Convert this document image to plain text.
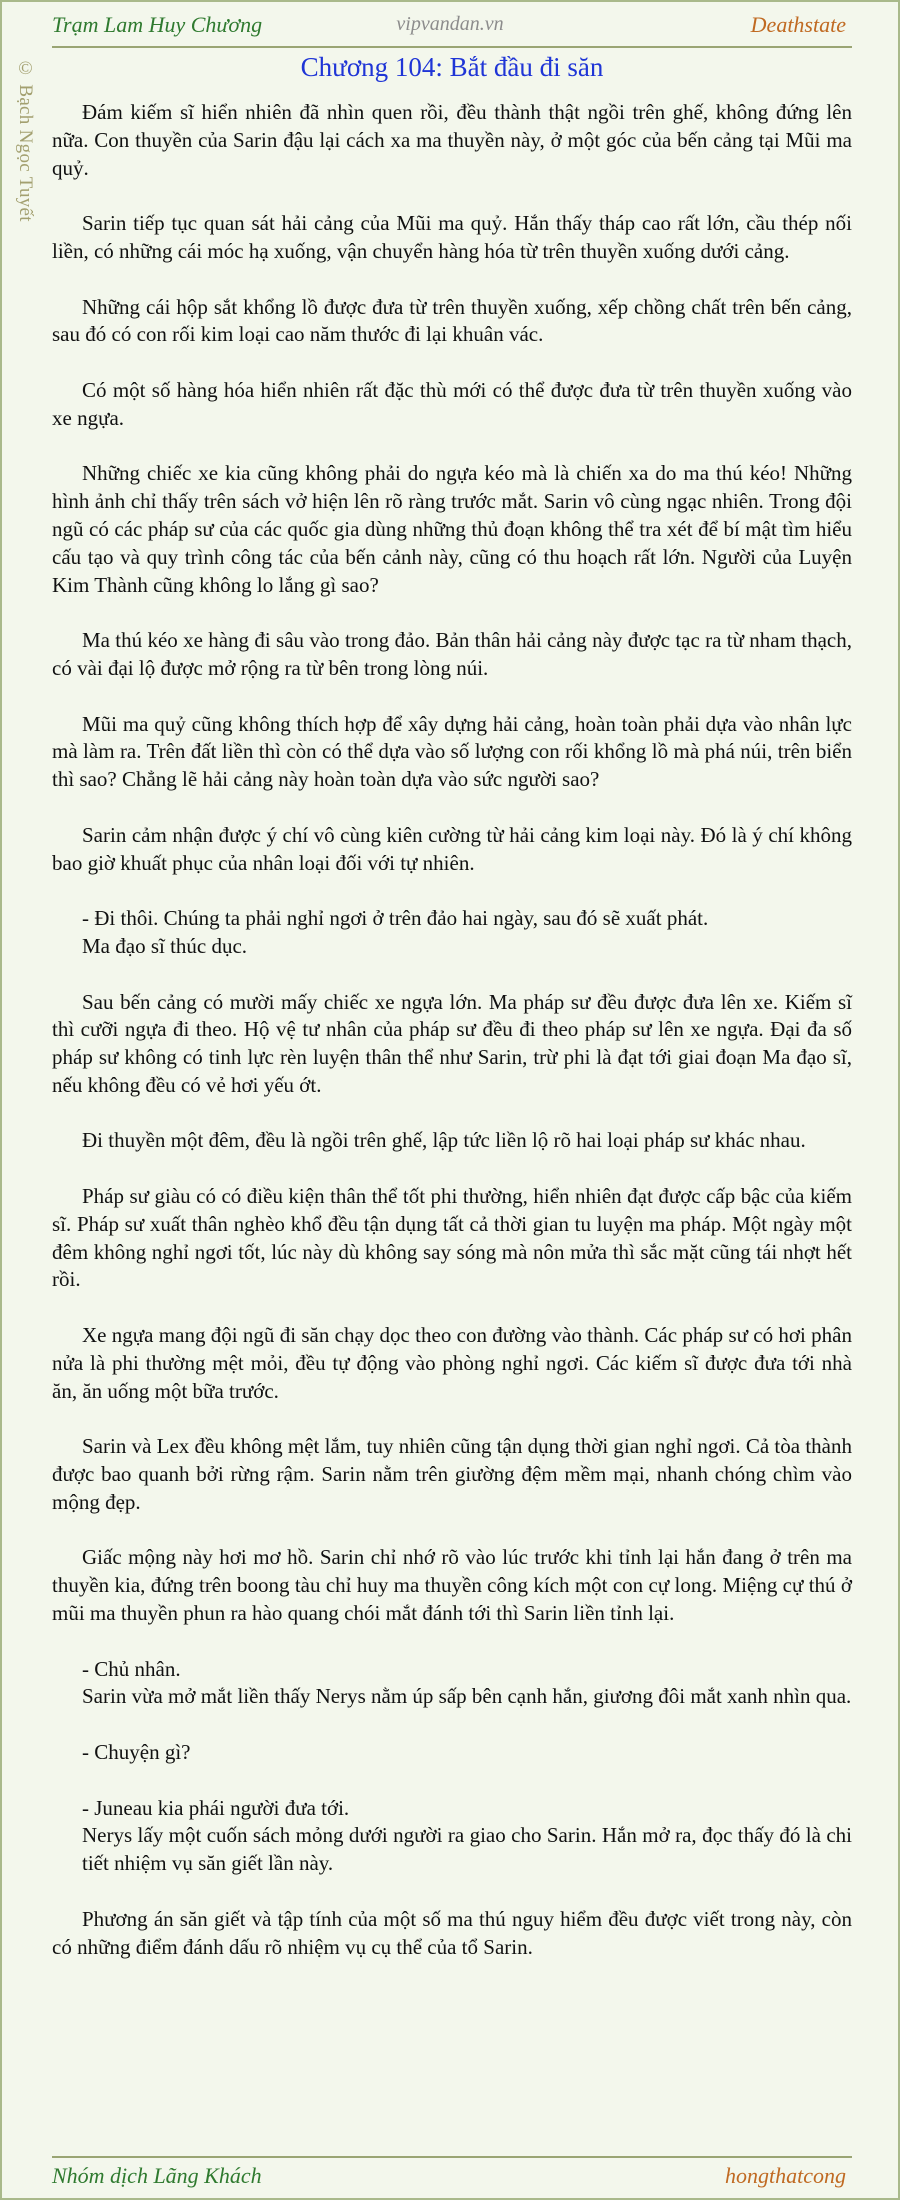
Trạm Lam Huy Chương	vipvandan.vn	Deathstate
© Bạch Ngọc Tuyết	Chương 104: Bắt đầu đi săn

Đám kiếm sĩ hiển nhiên đã nhìn quen rồi, đều thành thật ngồi trên ghế, không đứng lên nữa. Con thuyền của Sarin đậu lại cách xa ma thuyền này, ở một góc của bến cảng tại Mũi ma quỷ.

Sarin tiếp tục quan sát hải cảng của Mũi ma quỷ. Hắn thấy tháp cao rất lớn, cầu thép nối liền, có những cái móc hạ xuống, vận chuyển hàng hóa từ trên thuyền xuống dưới cảng.

Những cái hộp sắt khổng lồ được đưa từ trên thuyền xuống, xếp chồng chất trên bến cảng, sau đó có con rối kim loại cao năm thước đi lại khuân vác.

Có một số hàng hóa hiển nhiên rất đặc thù mới có thể được đưa từ trên thuyền xuống vào xe ngựa.

Những chiếc xe kia cũng không phải do ngựa kéo mà là chiến xa do ma thú kéo! Những hình ảnh chỉ thấy trên sách vở hiện lên rõ ràng trước mắt. Sarin vô cùng ngạc nhiên. Trong đội ngũ có các pháp sư của các quốc gia dùng những thủ đoạn không thể tra xét để bí mật tìm hiểu cấu tạo và quy trình công tác của bến cảnh này, cũng có thu hoạch rất lớn. Người của Luyện Kim Thành cũng không lo lắng gì sao?

Ma thú kéo xe hàng đi sâu vào trong đảo. Bản thân hải cảng này được tạc ra từ nham thạch, có vài đại lộ được mở rộng ra từ bên trong lòng núi.

Mũi ma quỷ cũng không thích hợp để xây dựng hải cảng, hoàn toàn phải dựa vào nhân lực mà làm ra. Trên đất liền thì còn có thể dựa vào số lượng con rối khổng lồ mà phá núi, trên biển thì sao? Chẳng lẽ hải cảng này hoàn toàn dựa vào sức người sao?

Sarin cảm nhận được ý chí vô cùng kiên cường từ hải cảng kim loại này. Đó là ý chí không bao giờ khuất phục của nhân loại đối với tự nhiên.

- Đi thôi. Chúng ta phải nghỉ ngơi ở trên đảo hai ngày, sau đó sẽ xuất phát.

Ma đạo sĩ thúc dục.

Sau bến cảng có mười mấy chiếc xe ngựa lớn. Ma pháp sư đều được đưa lên xe. Kiếm sĩ thì cưỡi ngựa đi theo. Hộ vệ tư nhân của pháp sư đều đi theo pháp sư lên xe ngựa. Đại đa số pháp sư không có tinh lực rèn luyện thân thể như Sarin, trừ phi là đạt tới giai đoạn Ma đạo sĩ, nếu không đều có vẻ hơi yếu ớt.

Đi thuyền một đêm, đều là ngồi trên ghế, lập tức liền lộ rõ hai loại pháp sư khác nhau.

Pháp sư giàu có có điều kiện thân thể tốt phi thường, hiển nhiên đạt được cấp bậc của kiếm sĩ. Pháp sư xuất thân nghèo khổ đều tận dụng tất cả thời gian tu luyện ma pháp. Một ngày một đêm không nghỉ ngơi tốt, lúc này dù không say sóng mà nôn mửa thì sắc mặt cũng tái nhợt hết rồi.

Xe ngựa mang đội ngũ đi săn chạy dọc theo con đường vào thành. Các pháp sư có hơi phân nửa là phi thường mệt mỏi, đều tự động vào phòng nghỉ ngơi. Các kiếm sĩ được đưa tới nhà ăn, ăn uống một bữa trước.

Sarin và Lex đều không mệt lắm, tuy nhiên cũng tận dụng thời gian nghỉ ngơi. Cả tòa thành được bao quanh bởi rừng rậm. Sarin nằm trên giường đệm mềm mại, nhanh chóng chìm vào mộng đẹp.

Giấc mộng này hơi mơ hồ. Sarin chỉ nhớ rõ vào lúc trước khi tỉnh lại hắn đang ở trên ma thuyền kia, đứng trên boong tàu chỉ huy ma thuyền công kích một con cự long. Miệng cự thú ở mũi ma thuyền phun ra hào quang chói mắt đánh tới thì Sarin liền tỉnh lại.

- Chủ nhân.

Sarin vừa mở mắt liền thấy Nerys nằm úp sấp bên cạnh hắn, giương đôi mắt xanh nhìn qua.

- Chuyện gì?

- Juneau kia phái người đưa tới.

Nerys lấy một cuốn sách mỏng dưới người ra giao cho Sarin. Hắn mở ra, đọc thấy đó là chi tiết nhiệm vụ săn giết lần này.

Phương án săn giết và tập tính của một số ma thú nguy hiểm đều được viết trong này, còn có những điểm đánh dấu rõ nhiệm vụ cụ thể của tổ Sarin.

Nhóm dịch Lãng Khách	hongthatcong
